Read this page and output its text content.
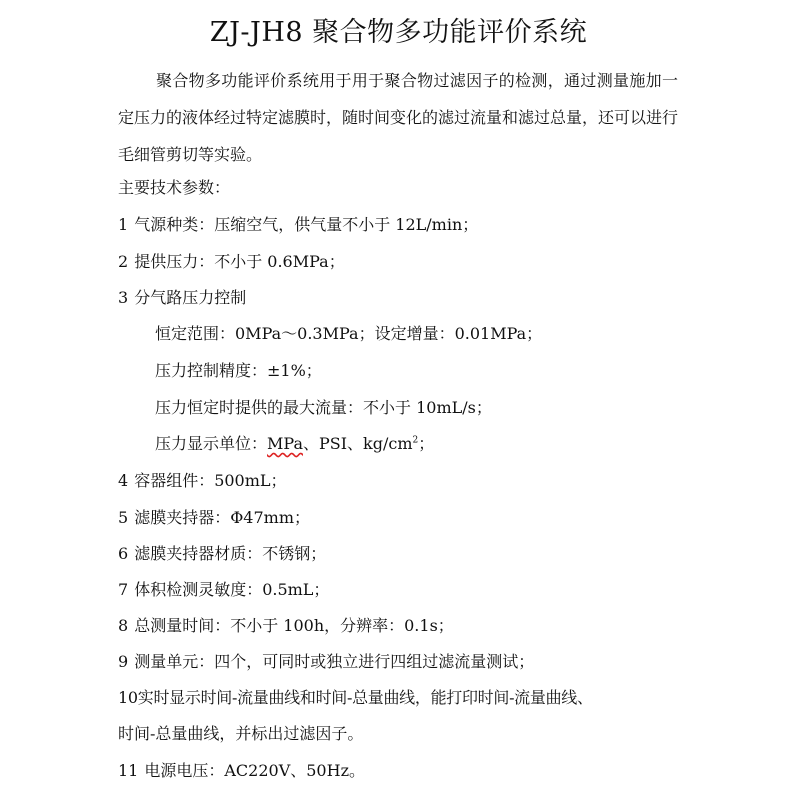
ZJ-JH8 聚合物多功能评价系统

聚合物多功能评价系统用于用于聚合物过滤因子的检测，通过测量施加一定压力的液体经过特定滤膜时，随时间变化的滤过流量和滤过总量，还可以进行毛细管剪切等实验。

主要技术参数：
1 气源种类：压缩空气，供气量不小于 12L/min；
2 提供压力：不小于 0.6MPa；
3 分气路压力控制
恒定范围：0MPa～0.3MPa；设定增量：0.01MPa；
压力控制精度：±1%；
压力恒定时提供的最大流量：不小于 10mL/s；
压力显示单位：MPa、PSI、$kg/cm^2$；
4 容器组件：500mL；
5 滤膜夹持器：Φ47mm；
6 滤膜夹持器材质：不锈钢；
7 体积检测灵敏度：0.5mL；
8 总测量时间：不小于 100h，分辨率：0.1s；
9 测量单元：四个，可同时或独立进行四组过滤流量测试；
10实时显示时间-流量曲线和时间-总量曲线，能打印时间-流量曲线、
时间-总量曲线，并标出过滤因子。
11 电源电压：AC220V、50Hz。
